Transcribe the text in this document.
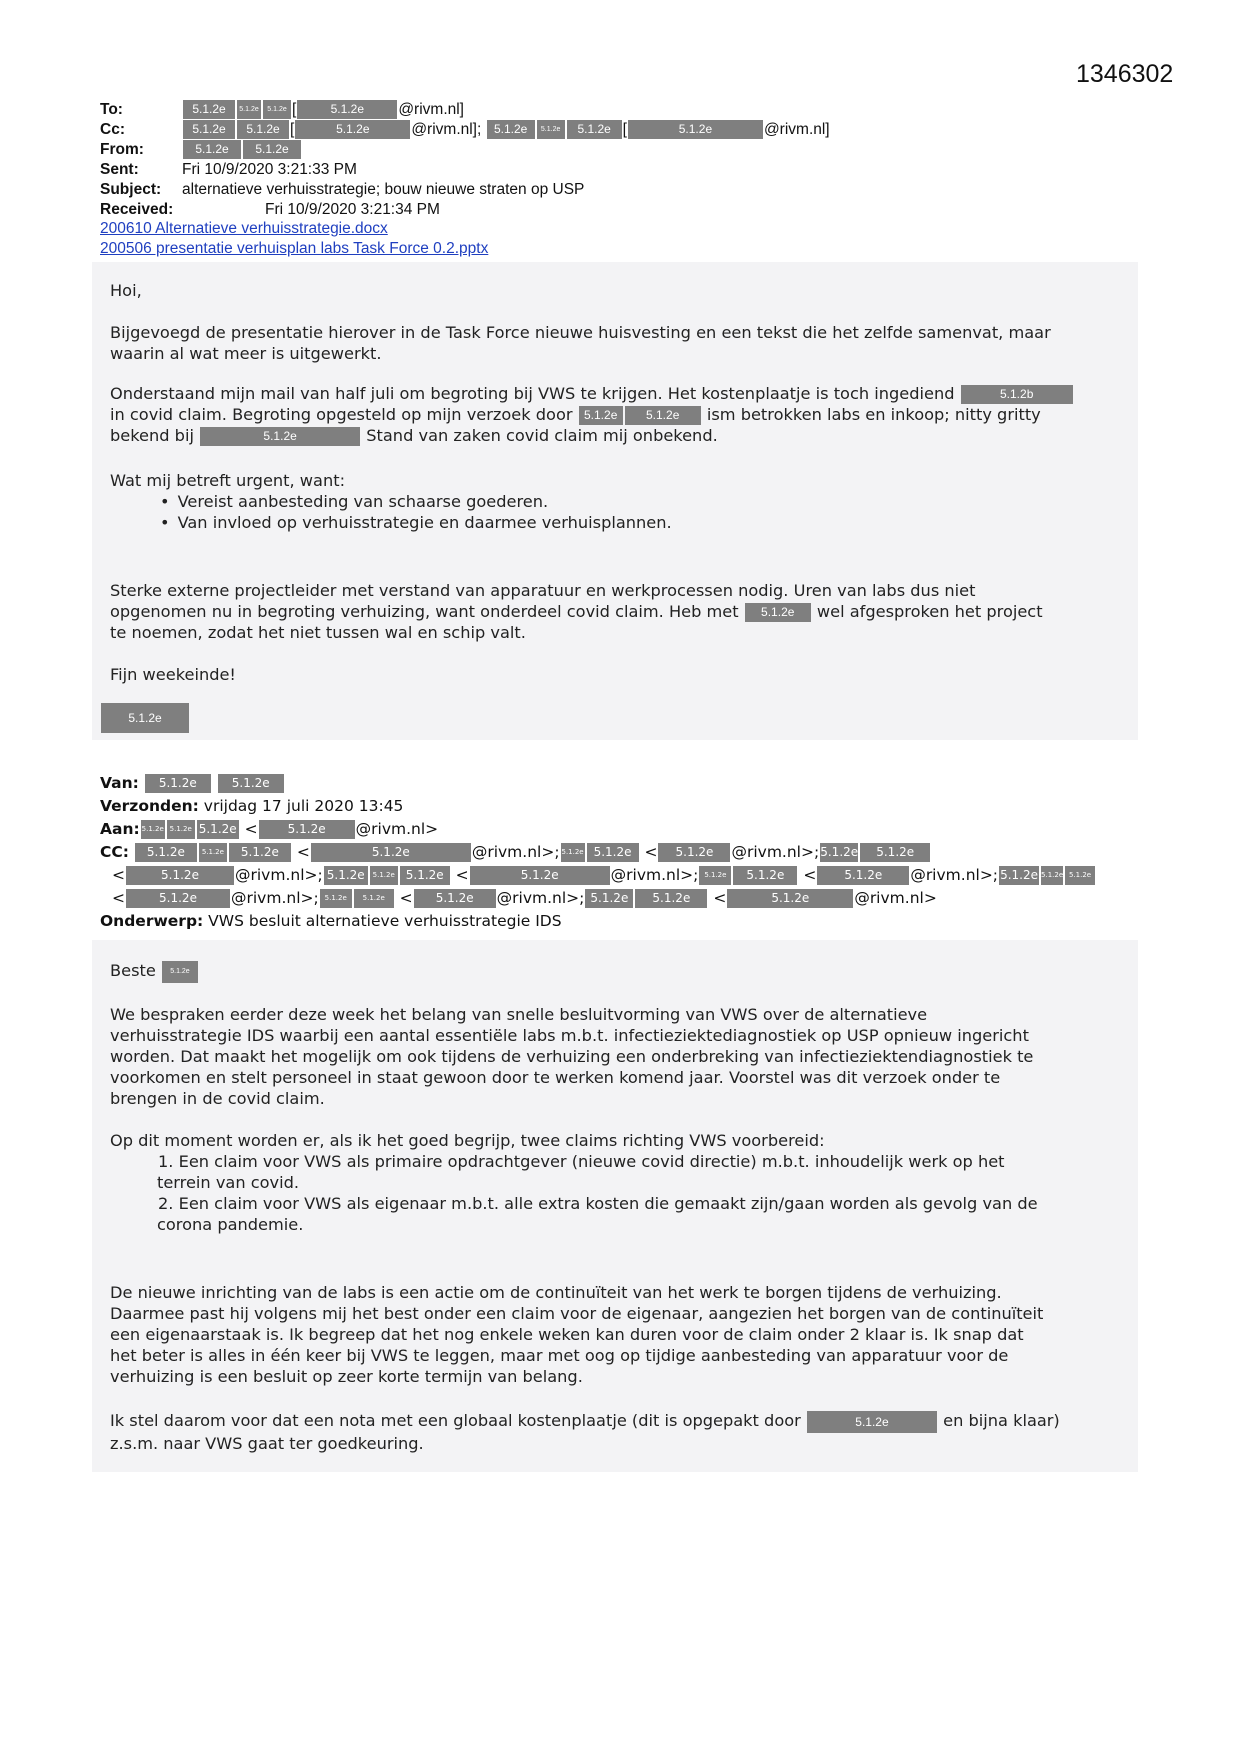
1346302
To:	5.1.2e 5.1.2e 5.1.2e [	5.1.2e @rivm.nl]
Cc:	5.1.2e 5.1.2e [	5.1.2e	@rivm.nl]; 5.1.2e 5.1.2e 5.1.2e [	5.1.2e	@rivm.nl]
From:	5.1.2e 5.1.2e
Sent:	Fri 10/9/2020 3:21:33 PM
Subject: alternatieve verhuisstrategie; bouw nieuwe straten op USP
Received:	Fri 10/9/2020 3:21:34 PM
200610 Alternatieve verhuisstrategie.docx
200506 presentatie verhuisplan labs Task Force 0.2.pptx
Hoi,
Bijgevoegd de presentatie hierover in de Task Force nieuwe huisvesting en een tekst die het zelfde samenvat, maar
waarin al wat meer is uitgewerkt.
Onderstaand mijn mail van half juli om begroting bij VWS te krijgen. Het kostenplaatje is toch ingediend	5.1.2b
in covid claim. Begroting opgesteld op mijn verzoek door 5.1.2e 5.1.2e ism betrokken labs en inkoop; nitty gritty
bekend bij	5.1.2e	Stand van zaken covid claim mij onbekend.
Wat mij betreft urgent, want:
• Vereist aanbesteding van schaarse goederen.
• Van invloed op verhuisstrategie en daarmee verhuisplannen.
Sterke externe projectleider met verstand van apparatuur en werkprocessen nodig. Uren van labs dus niet
opgenomen nu in begroting verhuizing, want onderdeel covid claim. Heb met 5.1.2e wel afgesproken het project
te noemen, zodat het niet tussen wal en schip valt.
Fijn weekeinde!
5.1.2e
Van: 5.1.2e	5.1.2e
Verzonden: vrijdag 17 juli 2020 13:45
Aan: 5.1.2e 5.1.2e 5.1.2e <	5.1.2e @rivm.nl>
CC: 5.1.2e 5.1.2e 5.1.2e <	5.1.2e	@rivm.nl>; 5.1.2e 5.1.2e < 5.1.2e @rivm.nl>;5.1.2e 5.1.2e
<	5.1.2e @rivm.nl>; 5.1.2e 5.1.2e 5.1.2e <	5.1.2e	@rivm.nl>; 5.1.2e 5.1.2e < 5.1.2e @rivm.nl>; 5.1.2e 5.1.2e 5.1.2e
<	5.1.2e @rivm.nl>; 5.1.2e 5.1.2e < 5.1.2e @rivm.nl>; 5.1.2e 5.1.2e <	5.1.2e	@rivm.nl>
Onderwerp: VWS besluit alternatieve verhuisstrategie IDS
Beste 5.1.2e
We bespraken eerder deze week het belang van snelle besluitvorming van VWS over de alternatieve
verhuisstrategie IDS waarbij een aantal essentiële labs m.b.t. infectieziektediagnostiek op USP opnieuw ingericht
worden. Dat maakt het mogelijk om ook tijdens de verhuizing een onderbreking van infectieziektendiagnostiek te
voorkomen en stelt personeel in staat gewoon door te werken komend jaar. Voorstel was dit verzoek onder te
brengen in de covid claim.
Op dit moment worden er, als ik het goed begrijp, twee claims richting VWS voorbereid:
1. Een claim voor VWS als primaire opdrachtgever (nieuwe covid directie) m.b.t. inhoudelijk werk op het
terrein van covid.
2. Een claim voor VWS als eigenaar m.b.t. alle extra kosten die gemaakt zijn/gaan worden als gevolg van de
corona pandemie.
De nieuwe inrichting van de labs is een actie om de continuïteit van het werk te borgen tijdens de verhuizing.
Daarmee past hij volgens mij het best onder een claim voor de eigenaar, aangezien het borgen van de continuïteit
een eigenaarstaak is. Ik begreep dat het nog enkele weken kan duren voor de claim onder 2 klaar is. Ik snap dat
het beter is alles in één keer bij VWS te leggen, maar met oog op tijdige aanbesteding van apparatuur voor de
verhuizing is een besluit op zeer korte termijn van belang.
Ik stel daarom voor dat een nota met een globaal kostenplaatje (dit is opgepakt door	5.1.2e	en bijna klaar)
z.s.m. naar VWS gaat ter goedkeuring.
